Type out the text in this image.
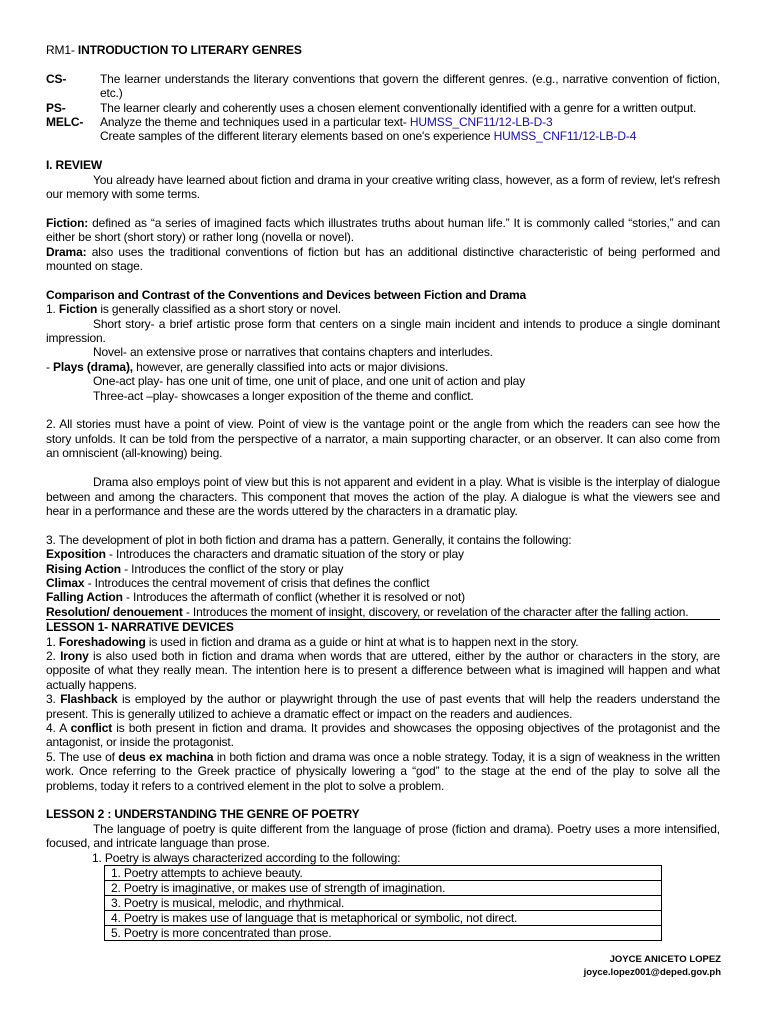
RM1- INTRODUCTION TO LITERARY GENRES

CS-	The learner understands the literary conventions that govern the different genres. (e.g., narrative convention of fiction, etc.)
PS-	The learner clearly and coherently uses a chosen element conventionally identified with a genre for a written output.
MELC-	Analyze the theme and techniques used in a particular text- HUMSS_CNF11/12-LB-D-3
Create samples of the different literary elements based on one's experience HUMSS_CNF11/12-LB-D-4

I. REVIEW

You already have learned about fiction and drama in your creative writing class, however, as a form of review, let's refresh our memory with some terms.

Fiction: defined as “a series of imagined facts which illustrates truths about human life.” It is commonly called “stories,” and can either be short (short story) or rather long (novella or novel).

Drama: also uses the traditional conventions of fiction but has an additional distinctive characteristic of being performed and mounted on stage.

Comparison and Contrast of the Conventions and Devices between Fiction and Drama

1. Fiction is generally classified as a short story or novel.

Short story- a brief artistic prose form that centers on a single main incident and intends to produce a single dominant impression.

Novel- an extensive prose or narratives that contains chapters and interludes.

- Plays (drama), however, are generally classified into acts or major divisions.

One-act play- has one unit of time, one unit of place, and one unit of action and play

Three-act –play- showcases a longer exposition of the theme and conflict.

2. All stories must have a point of view. Point of view is the vantage point or the angle from which the readers can see how the story unfolds. It can be told from the perspective of a narrator, a main supporting character, or an observer. It can also come from an omniscient (all-knowing) being.

Drama also employs point of view but this is not apparent and evident in a play. What is visible is the interplay of dialogue between and among the characters. This component that moves the action of the play. A dialogue is what the viewers see and hear in a performance and these are the words uttered by the characters in a dramatic play.

3. The development of plot in both fiction and drama has a pattern. Generally, it contains the following:

Exposition - Introduces the characters and dramatic situation of the story or play

Rising Action - Introduces the conflict of the story or play

Climax - Introduces the central movement of crisis that defines the conflict

Falling Action - Introduces the aftermath of conflict (whether it is resolved or not)

Resolution/ denouement - Introduces the moment of insight, discovery, or revelation of the character after the falling action.

LESSON 1- NARRATIVE DEVICES

1. Foreshadowing is used in fiction and drama as a guide or hint at what is to happen next in the story.

2. Irony is also used both in fiction and drama when words that are uttered, either by the author or characters in the story, are opposite of what they really mean. The intention here is to present a difference between what is imagined will happen and what actually happens.

3. Flashback is employed by the author or playwright through the use of past events that will help the readers understand the present. This is generally utilized to achieve a dramatic effect or impact on the readers and audiences.

4. A conflict is both present in fiction and drama. It provides and showcases the opposing objectives of the protagonist and the antagonist, or inside the protagonist.

5. The use of deus ex machina in both fiction and drama was once a noble strategy. Today, it is a sign of weakness in the written work. Once referring to the Greek practice of physically lowering a “god” to the stage at the end of the play to solve all the problems, today it refers to a contrived element in the plot to solve a problem.

LESSON 2 : UNDERSTANDING THE GENRE OF POETRY

The language of poetry is quite different from the language of prose (fiction and drama). Poetry uses a more intensified, focused, and intricate language than prose.

1. Poetry is always characterized according to the following:

1. Poetry attempts to achieve beauty.
2. Poetry is imaginative, or makes use of strength of imagination.
3. Poetry is musical, melodic, and rhythmical.
4. Poetry is makes use of language that is metaphorical or symbolic, not direct.
5. Poetry is more concentrated than prose.
JOYCE ANICETO LOPEZ
joyce.lopez001@deped.gov.ph
